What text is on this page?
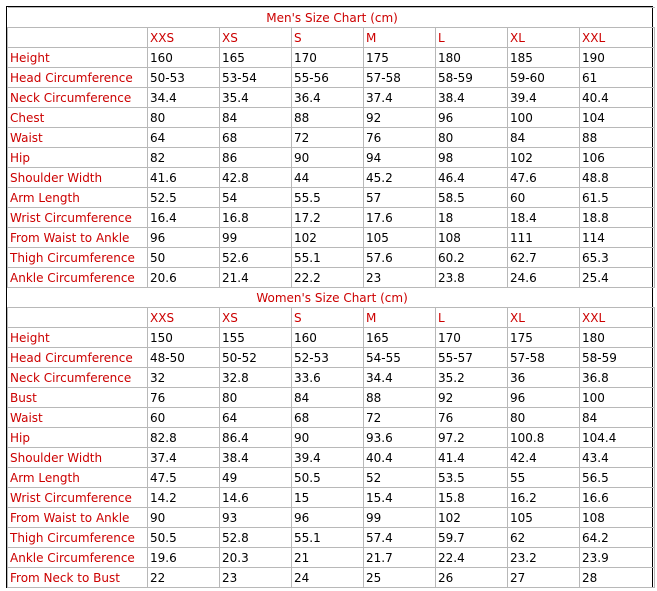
Men's Size Chart (cm)							
	XXS	XS	S	M	L	XL	XXL
Height	160	165	170	175	180	185	190
Head Circumference	50-53	53-54	55-56	57-58	58-59	59-60	61
Neck Circumference	34.4	35.4	36.4	37.4	38.4	39.4	40.4
Chest	80	84	88	92	96	100	104
Waist	64	68	72	76	80	84	88
Hip	82	86	90	94	98	102	106
Shoulder Width	41.6	42.8	44	45.2	46.4	47.6	48.8
Arm Length	52.5	54	55.5	57	58.5	60	61.5
Wrist Circumference	16.4	16.8	17.2	17.6	18	18.4	18.8
From Waist to Ankle	96	99	102	105	108	111	114
Thigh Circumference	50	52.6	55.1	57.6	60.2	62.7	65.3
Ankle Circumference	20.6	21.4	22.2	23	23.8	24.6	25.4
Women's Size Chart (cm)							
	XXS	XS	S	M	L	XL	XXL
Height	150	155	160	165	170	175	180
Head Circumference	48-50	50-52	52-53	54-55	55-57	57-58	58-59
Neck Circumference	32	32.8	33.6	34.4	35.2	36	36.8
Bust	76	80	84	88	92	96	100
Waist	60	64	68	72	76	80	84
Hip	82.8	86.4	90	93.6	97.2	100.8	104.4
Shoulder Width	37.4	38.4	39.4	40.4	41.4	42.4	43.4
Arm Length	47.5	49	50.5	52	53.5	55	56.5
Wrist Circumference	14.2	14.6	15	15.4	15.8	16.2	16.6
From Waist to Ankle	90	93	96	99	102	105	108
Thigh Circumference	50.5	52.8	55.1	57.4	59.7	62	64.2
Ankle Circumference	19.6	20.3	21	21.7	22.4	23.2	23.9
From Neck to Bust	22	23	24	25	26	27	28
